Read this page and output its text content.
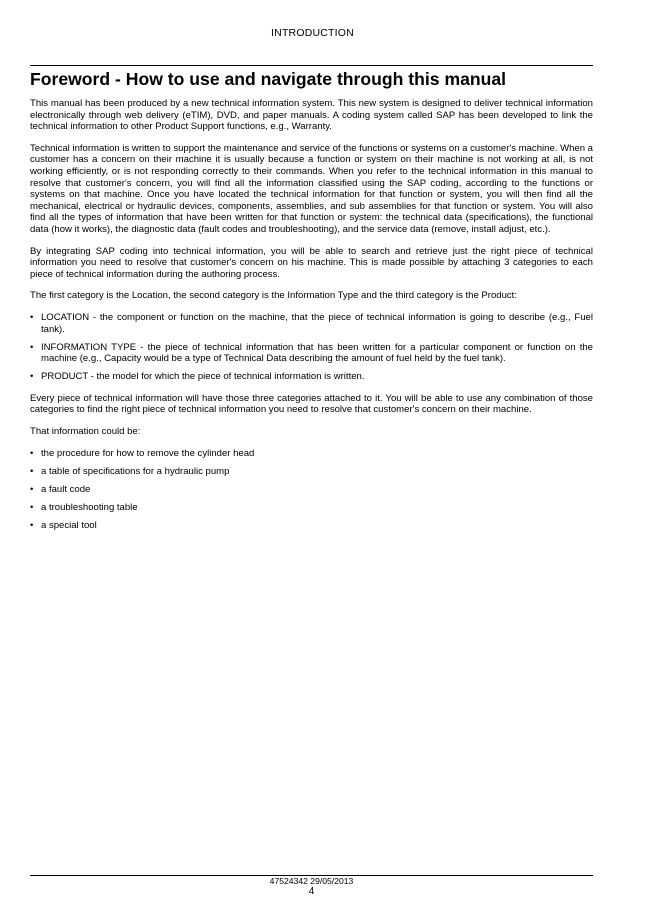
INTRODUCTION
Foreword - How to use and navigate through this manual

This manual has been produced by a new technical information system. This new system is designed to deliver technical information electronically through web delivery (eTIM), DVD, and paper manuals. A coding system called SAP has been developed to link the technical information to other Product Support functions, e.g., Warranty.

Technical information is written to support the maintenance and service of the functions or systems on a customer's machine. When a customer has a concern on their machine it is usually because a function or system on their machine is not working at all, is not working efficiently, or is not responding correctly to their commands. When you refer to the technical information in this manual to resolve that customer's concern, you will find all the information classified using the SAP coding, according to the functions or systems on that machine. Once you have located the technical information for that function or system, you will then find all the mechanical, electrical or hydraulic devices, components, assemblies, and sub assemblies for that function or system. You will also find all the types of information that have been written for that function or system: the technical data (specifications), the functional data (how it works), the diagnostic data (fault codes and troubleshooting), and the service data (remove, install adjust, etc.).

By integrating SAP coding into technical information, you will be able to search and retrieve just the right piece of technical information you need to resolve that customer's concern on his machine. This is made possible by attaching 3 categories to each piece of technical information during the authoring process.

The first category is the Location, the second category is the Information Type and the third category is the Product:

• LOCATION - the component or function on the machine, that the piece of technical information is going to describe (e.g., Fuel tank).
• INFORMATION TYPE - the piece of technical information that has been written for a particular component or function on the machine (e.g., Capacity would be a type of Technical Data describing the amount of fuel held by the fuel tank).
• PRODUCT - the model for which the piece of technical information is written.

Every piece of technical information will have those three categories attached to it. You will be able to use any combination of those categories to find the right piece of technical information you need to resolve that customer's concern on their machine.

That information could be:

• the procedure for how to remove the cylinder head
• a table of specifications for a hydraulic pump
• a fault code
• a troubleshooting table
• a special tool
47524342 29/05/2013
4
